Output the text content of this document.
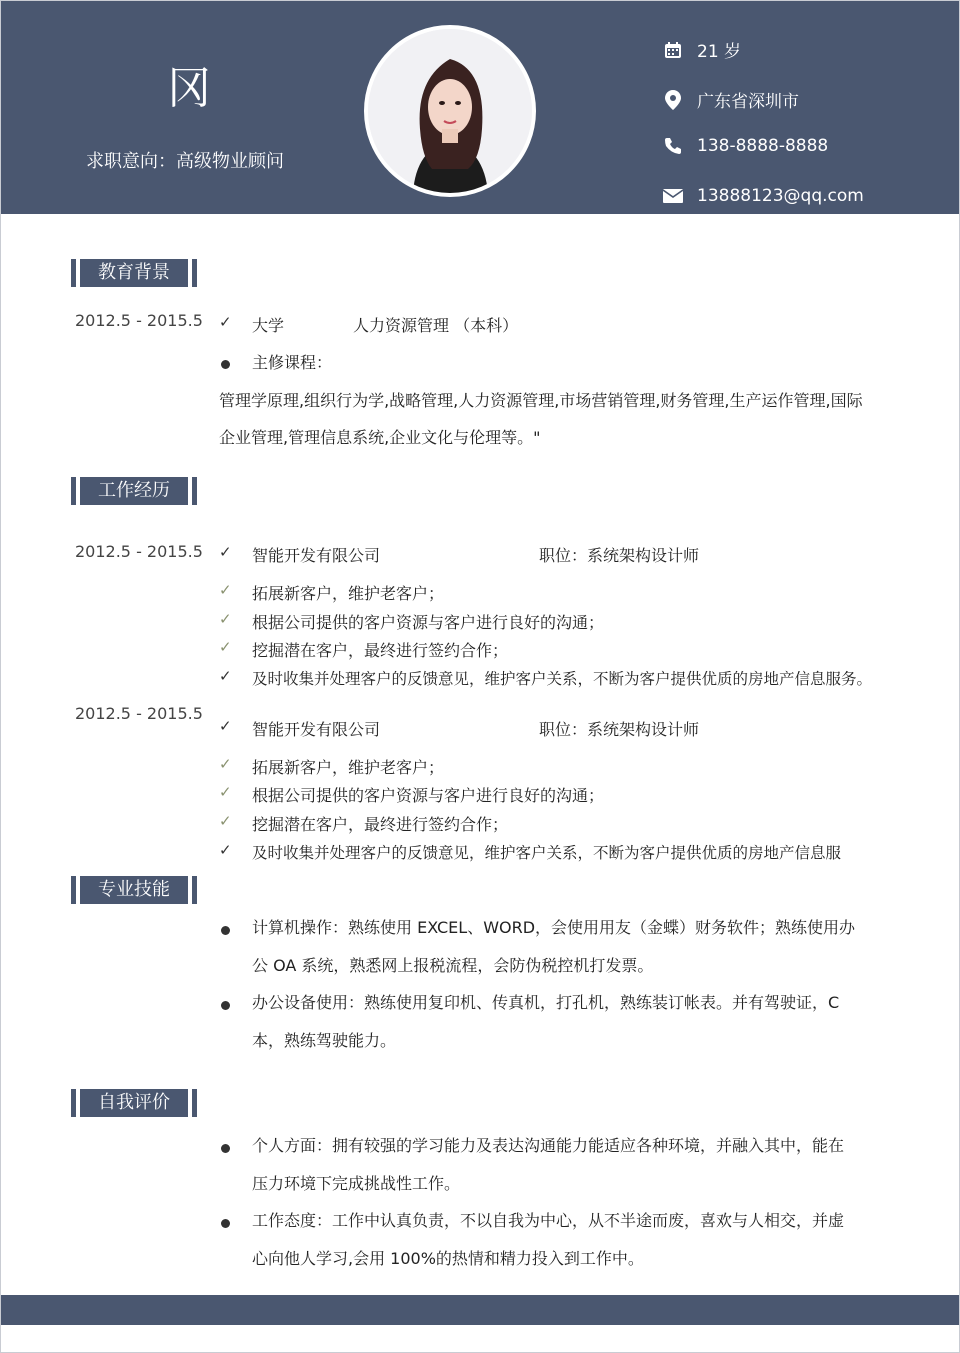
冈
求职意向：高级物业顾问
21 岁
广东省深圳市
138-8888-8888
13888123@qq.com
教育背景
2012.5 - 2015.5 ✓ 大学	人力资源管理 （本科）
主修课程：
管理学原理,组织行为学,战略管理,人力资源管理,市场营销管理,财务管理,生产运作管理,国际
企业管理,管理信息系统,企业文化与伦理等。"
工作经历
2012.5 - 2015.5 ✓ 智能开发有限公司	职位：系统架构设计师
✓ 拓展新客户，维护老客户；
✓ 根据公司提供的客户资源与客户进行良好的沟通；
✓ 挖掘潜在客户，最终进行签约合作；
✓ 及时收集并处理客户的反馈意见，维护客户关系，不断为客户提供优质的房地产信息服务。
2012.5 - 2015.5
✓ 智能开发有限公司	职位：系统架构设计师
✓ 拓展新客户，维护老客户；
✓ 根据公司提供的客户资源与客户进行良好的沟通；
✓ 挖掘潜在客户，最终进行签约合作；
✓ 及时收集并处理客户的反馈意见，维护客户关系，不断为客户提供优质的房地产信息服
专业技能
计算机操作：熟练使用 EXCEL、WORD，会使用用友（金蝶）财务软件；熟练使用办
公 OA 系统，熟悉网上报税流程，会防伪税控机打发票。
办公设备使用：熟练使用复印机、传真机，打孔机，熟练装订帐表。并有驾驶证，C
本，熟练驾驶能力。
自我评价
个人方面：拥有较强的学习能力及表达沟通能力能适应各种环境，并融入其中，能在
压力环境下完成挑战性工作。
工作态度：工作中认真负责，不以自我为中心，从不半途而废，喜欢与人相交，并虚
心向他人学习,会用 100%的热情和精力投入到工作中。
